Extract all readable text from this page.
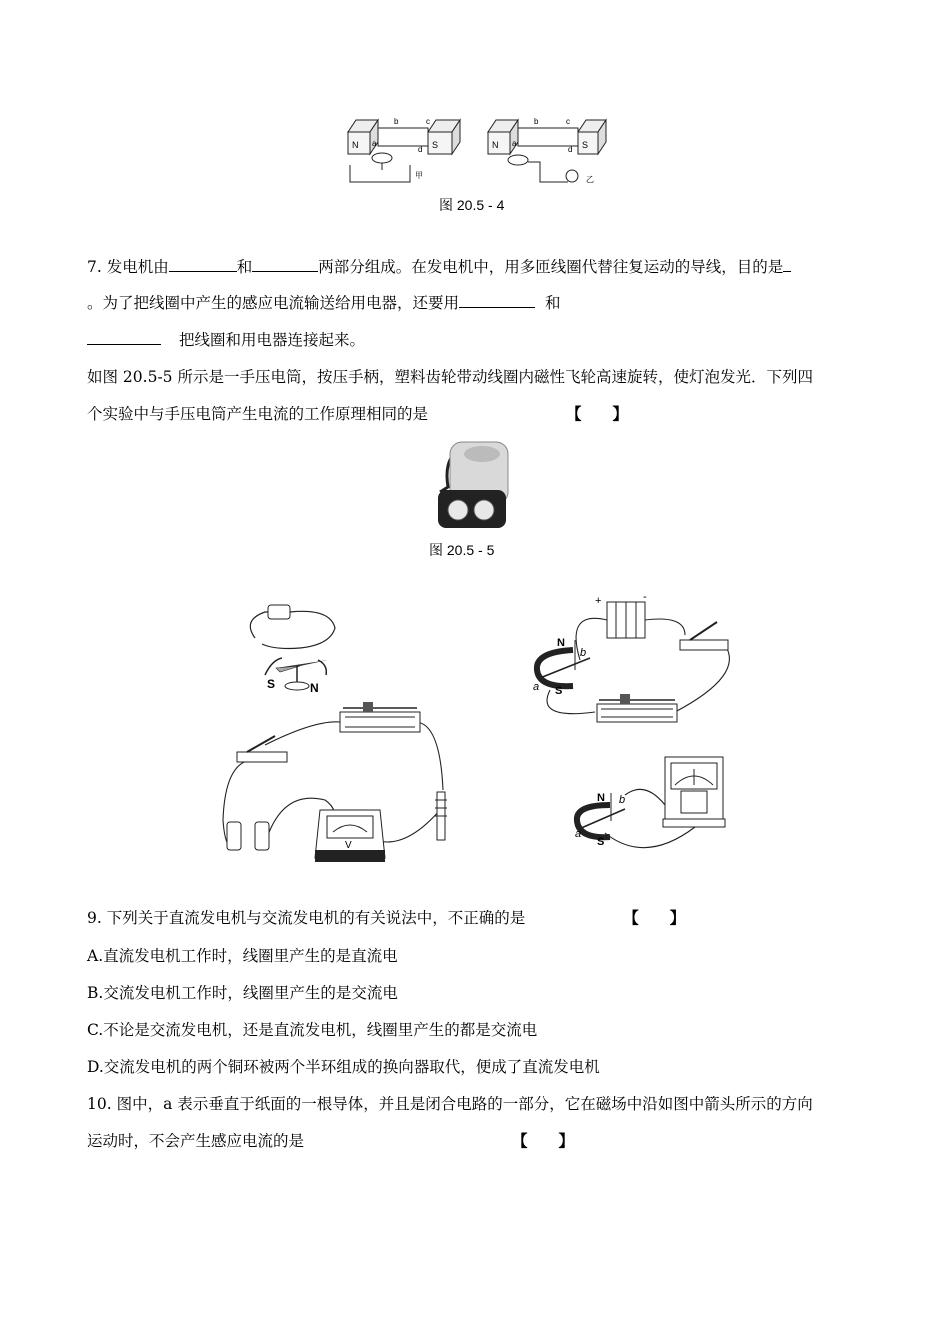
N	S
b	c
a
d
甲
N	S
b	c
a
d
乙
图 20.5 - 4
7. 发电机由	和	两部分组成。在发电机中，用多匝线圈代替往复运动的导线，目的是
。为了把线圈中产生的感应电流输送给用电器，还要用	和
把线圈和用电器连接起来。
如图 20.5-5 所示是一手压电筒，按压手柄，塑料齿轮带动线圈内磁性飞轮高速旋转，使灯泡发光．下列四
个实验中与手压电筒产生电流的工作原理相同的是	【　　】
图 20.5 - 5
S	N
V
+	-
N
S
a
b
N
S
a
b
9. 下列关于直流发电机与交流发电机的有关说法中，不正确的是	【　　】
A.直流发电机工作时，线圈里产生的是直流电
B.交流发电机工作时，线圈里产生的是交流电
C.不论是交流发电机，还是直流发电机，线圈里产生的都是交流电
D.交流发电机的两个铜环被两个半环组成的换向器取代，便成了直流发电机
10. 图中，a 表示垂直于纸面的一根导体，并且是闭合电路的一部分，它在磁场中沿如图中箭头所示的方向
运动时，不会产生感应电流的是	【　　】
